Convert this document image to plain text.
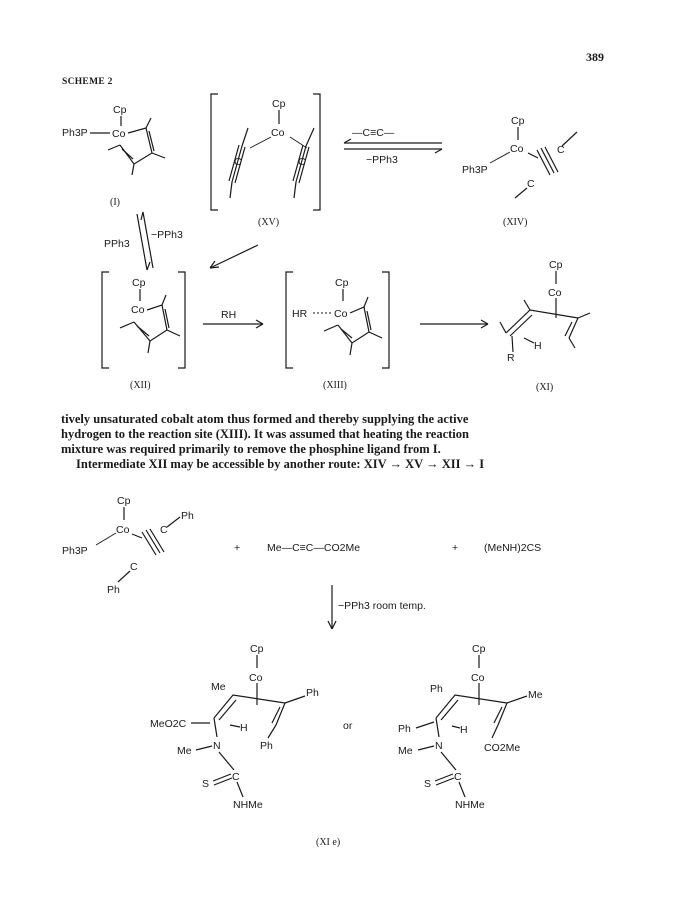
389
SCHEME 2
Cp
Ph3P Co
(I)
Cp
Co
C	C
(XV)
—C≡C—
−PPh3
Cp
Co
Ph3P
C
C
(XIV)
−PPh3
PPh3
Cp
Co
(XII)
RH
Cp
HR	Co
(XIII)
Cp
Co
R
H
(XI)
Cp
Co
Ph3P
C
Ph
C
Ph
+	Me—C≡C—CO2Me	+ (MeNH)2CS
−PPh3 room temp.
Cp
Co
Me	Ph
Ph
MeO2C	H
N
Me
C
S
NHMe
or
Cp
Co
Ph	Me
CO2Me
Ph	H
N
Me
C
S
NHMe
(XI e)
tively unsaturated cobalt atom thus formed and thereby supplying the active
hydrogen to the reaction site (XIII). It was assumed that heating the reaction
mixture was required primarily to remove the phosphine ligand from I.
Intermediate XII may be accessible by another route: XIV → XV → XII → I
